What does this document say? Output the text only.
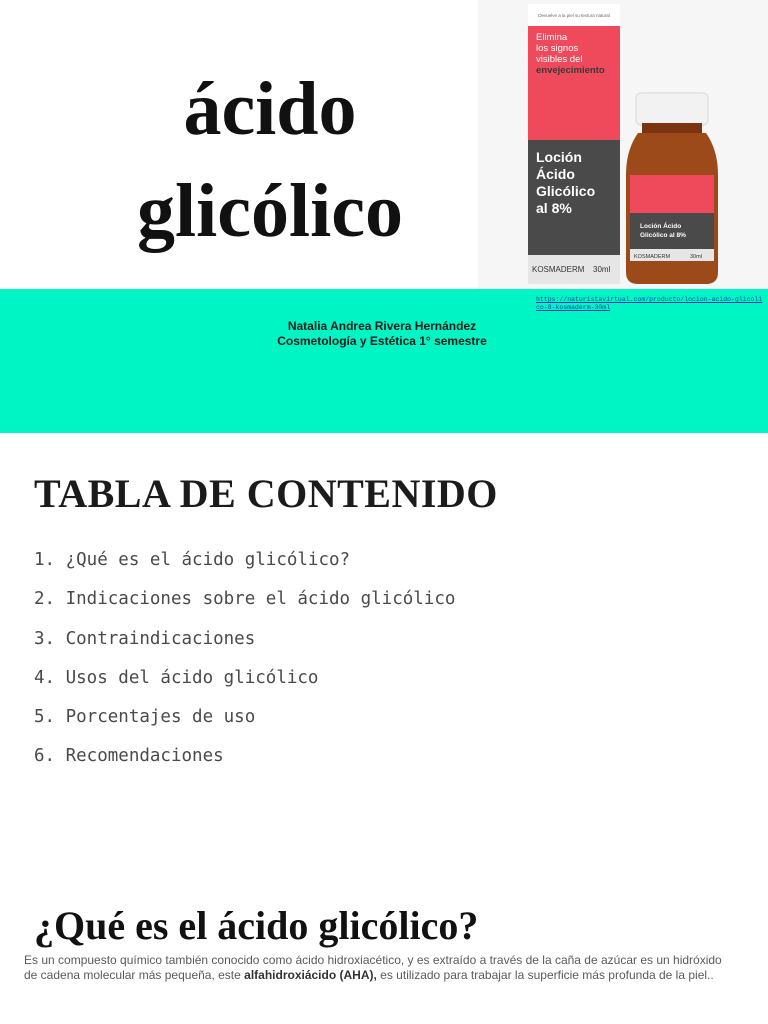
ácido
glicólico
Devuelve a la piel su textura natural
Elimina
los signos
visibles del
envejecimiento
Loción
Ácido
Glicólico
al 8%
KOSMADERM 30ml
Loción Ácido
Glicólico al 8%
KOSMADERM	30ml
https://naturistavirtual.com/producto/locion-acido-glicolico-8-kosmaderm-30ml
Natalia Andrea Rivera Hernández
Cosmetología y Estética 1° semestre
TABLA DE CONTENIDO
1. ¿Qué es el ácido glicólico?
2. Indicaciones sobre el ácido glicólico
3. Contraindicaciones
4. Usos del ácido glicólico
5. Porcentajes de uso
6. Recomendaciones
¿Qué es el ácido glicólico?

Es un compuesto químico también conocido como ácido hidroxiacético, y es extraído a través de la caña de azúcar es un hidróxido de cadena molecular más pequeña, este alfahidroxiácido (AHA), es utilizado para trabajar la superficie más profunda de la piel..
